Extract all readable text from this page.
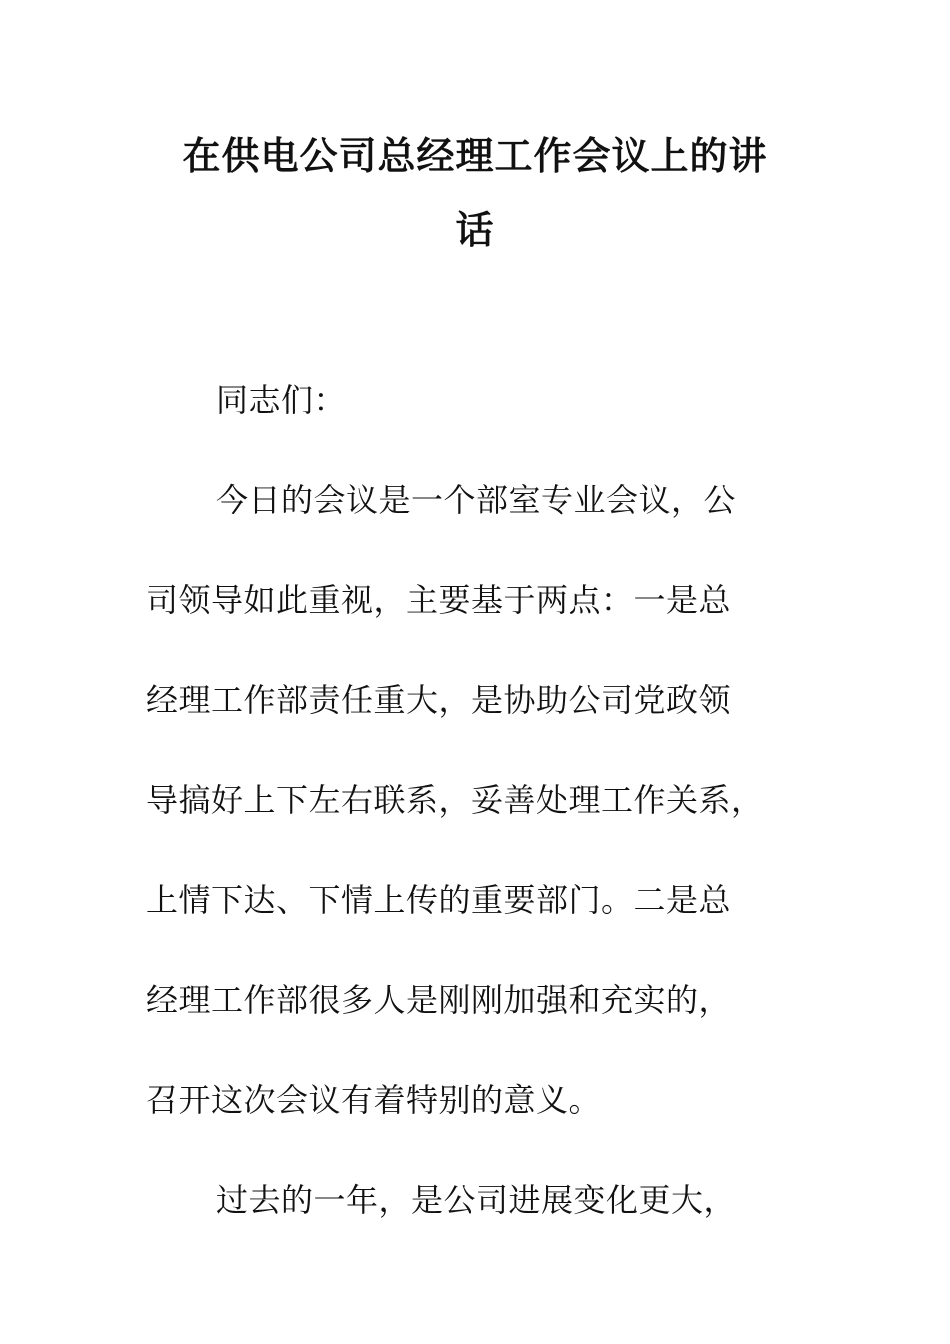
在供电公司总经理工作会议上的讲
话
同志们：
今日的会议是一个部室专业会议，公
司领导如此重视，主要基于两点：一是总
经理工作部责任重大，是协助公司党政领
导搞好上下左右联系，妥善处理工作关系，
上情下达、下情上传的重要部门。二是总
经理工作部很多人是刚刚加强和充实的，
召开这次会议有着特别的意义。
过去的一年，是公司进展变化更大，
